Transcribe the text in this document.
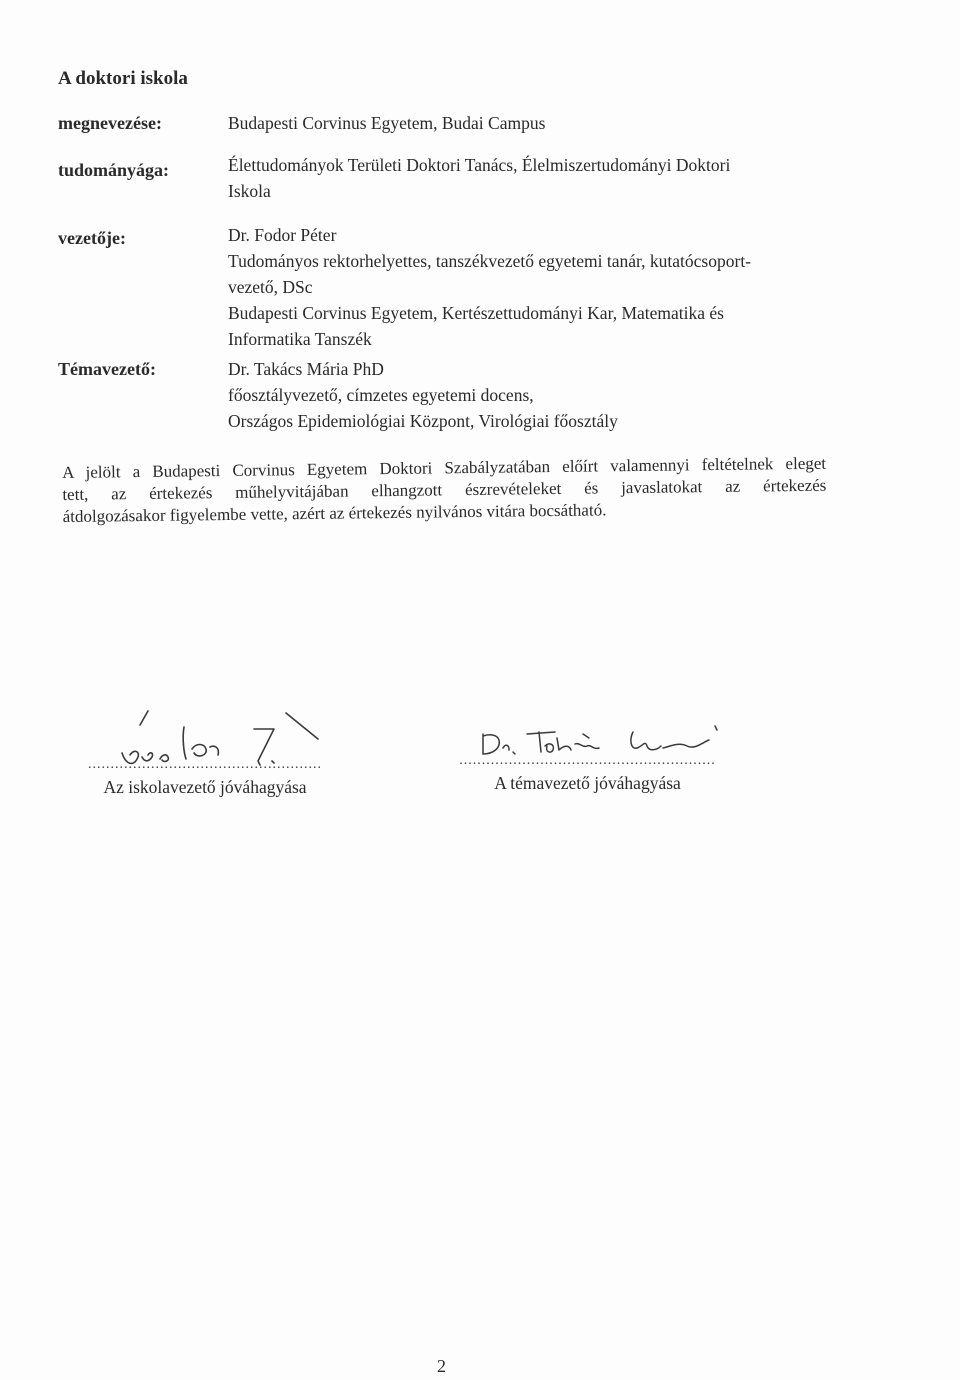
A doktori iskola
megnevezése:	Budapesti Corvinus Egyetem, Budai Campus
tudományága:	Élettudományok Területi Doktori Tanács, Élelmiszertudományi Doktori
Iskola
vezetője:	Dr. Fodor Péter
Tudományos rektorhelyettes, tanszékvezető egyetemi tanár, kutatócsoport-
vezető, DSc
Budapesti Corvinus Egyetem, Kertészettudományi Kar, Matematika és
Informatika Tanszék
Témavezető:	Dr. Takács Mária PhD
főosztályvezető, címzetes egyetemi docens,
Országos Epidemiológiai Központ, Virológiai főosztály
A jelölt a Budapesti Corvinus Egyetem Doktori Szabályzatában előírt valamennyi feltételnek eleget
tett, az értekezés műhelyvitájában elhangzott észrevételeket és javaslatokat az értekezés
átdolgozásakor figyelembe vette, azért az értekezés nyilvános vitára bocsátható.
....................................................
Az iskolavezető jóváhagyása
.........................................................
A témavezető jóváhagyása
2
